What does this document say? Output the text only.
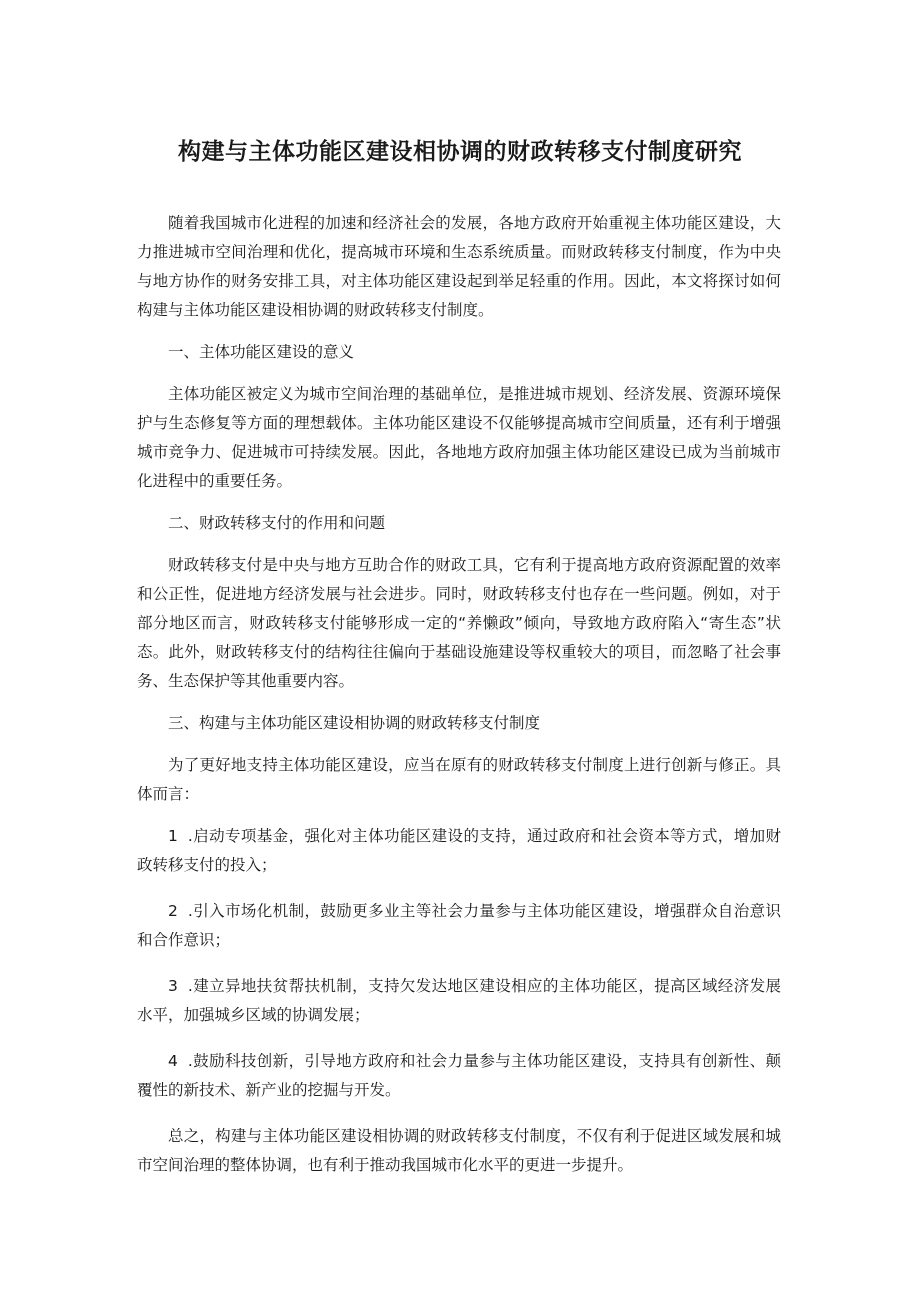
构建与主体功能区建设相协调的财政转移支付制度研究

随着我国城市化进程的加速和经济社会的发展，各地方政府开始重视主体功能区建设，大力推进城市空间治理和优化，提高城市环境和生态系统质量。而财政转移支付制度，作为中央与地方协作的财务安排工具，对主体功能区建设起到举足轻重的作用。因此，本文将探讨如何构建与主体功能区建设相协调的财政转移支付制度。

一、主体功能区建设的意义

主体功能区被定义为城市空间治理的基础单位，是推进城市规划、经济发展、资源环境保护与生态修复等方面的理想载体。主体功能区建设不仅能够提高城市空间质量，还有利于增强城市竞争力、促进城市可持续发展。因此，各地地方政府加强主体功能区建设已成为当前城市化进程中的重要任务。

二、财政转移支付的作用和问题

财政转移支付是中央与地方互助合作的财政工具，它有利于提高地方政府资源配置的效率和公正性，促进地方经济发展与社会进步。同时，财政转移支付也存在一些问题。例如，对于部分地区而言，财政转移支付能够形成一定的“养懒政”倾向，导致地方政府陷入“寄生态”状态。此外，财政转移支付的结构往往偏向于基础设施建设等权重较大的项目，而忽略了社会事务、生态保护等其他重要内容。

三、构建与主体功能区建设相协调的财政转移支付制度

为了更好地支持主体功能区建设，应当在原有的财政转移支付制度上进行创新与修正。具体而言：

1 .启动专项基金，强化对主体功能区建设的支持，通过政府和社会资本等方式，增加财政转移支付的投入；

2 .引入市场化机制，鼓励更多业主等社会力量参与主体功能区建设，增强群众自治意识和合作意识；

3 .建立异地扶贫帮扶机制，支持欠发达地区建设相应的主体功能区，提高区域经济发展水平，加强城乡区域的协调发展；

4 .鼓励科技创新，引导地方政府和社会力量参与主体功能区建设，支持具有创新性、颠覆性的新技术、新产业的挖掘与开发。

总之，构建与主体功能区建设相协调的财政转移支付制度，不仅有利于促进区域发展和城市空间治理的整体协调，也有利于推动我国城市化水平的更进一步提升。
